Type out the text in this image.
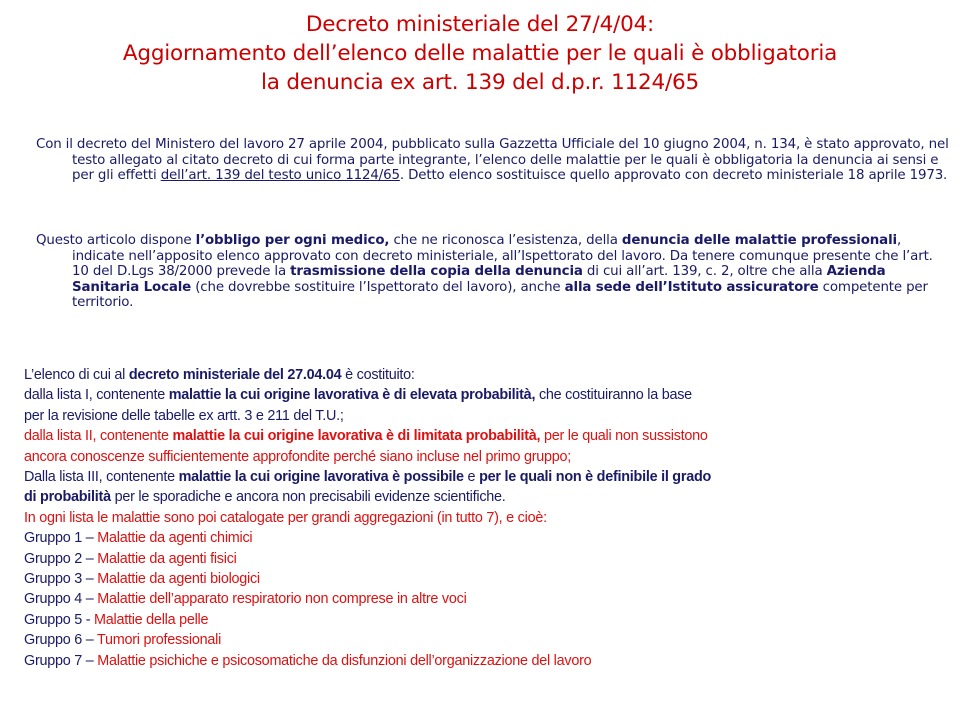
Decreto ministeriale del 27/4/04:
Aggiornamento dell’elenco delle malattie per le quali è obbligatoria
la denuncia ex art. 139 del d.p.r. 1124/65
Con il decreto del Ministero del lavoro 27 aprile 2004, pubblicato sulla Gazzetta Ufficiale del 10 giugno 2004, n. 134, è stato approvato, nel testo allegato al citato decreto di cui forma parte integrante, l’elenco delle malattie per le quali è obbligatoria la denuncia ai sensi e per gli effetti dell’art. 139 del testo unico 1124/65. Detto elenco sostituisce quello approvato con decreto ministeriale 18 aprile 1973.
Questo articolo dispone l’obbligo per ogni medico, che ne riconosca l’esistenza, della denuncia delle malattie professionali, indicate nell’apposito elenco approvato con decreto ministeriale, all’Ispettorato del lavoro. Da tenere comunque presente che l’art. 10 del D.Lgs 38/2000 prevede la trasmissione della copia della denuncia di cui all’art. 139, c. 2, oltre che alla Azienda Sanitaria Locale (che dovrebbe sostituire l’Ispettorato del lavoro), anche alla sede dell’Istituto assicuratore competente per territorio.
L’elenco di cui al decreto ministeriale del 27.04.04 è costituito:
dalla lista I, contenente malattie la cui origine lavorativa è di elevata probabilità, che costituiranno la base
per la revisione delle tabelle ex artt. 3 e 211 del T.U.;
dalla lista II, contenente malattie la cui origine lavorativa è di limitata probabilità, per le quali non sussistono
ancora conoscenze sufficientemente approfondite perché siano incluse nel primo gruppo;
Dalla lista III, contenente malattie la cui origine lavorativa è possibile e per le quali non è definibile il grado
di probabilità per le sporadiche e ancora non precisabili evidenze scientifiche.
In ogni lista le malattie sono poi catalogate per grandi aggregazioni (in tutto 7), e cioè:
Gruppo 1 – Malattie da agenti chimici
Gruppo 2 – Malattie da agenti fisici
Gruppo 3 – Malattie da agenti biologici
Gruppo 4 – Malattie dell’apparato respiratorio non comprese in altre voci
Gruppo 5 - Malattie della pelle
Gruppo 6 – Tumori professionali
Gruppo 7 – Malattie psichiche e psicosomatiche da disfunzioni dell’organizzazione del lavoro
